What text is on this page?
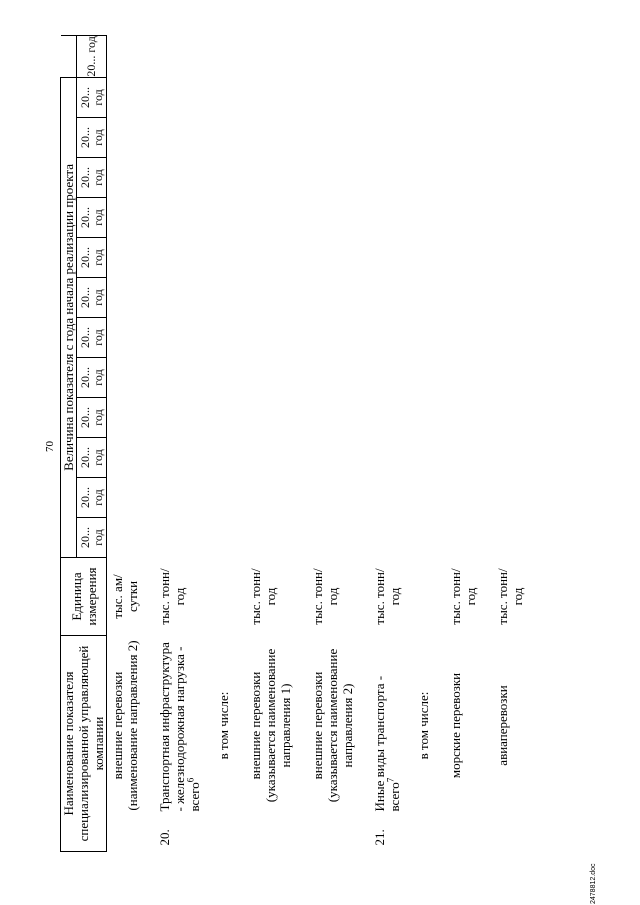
70
Наименование показателя специализированной управляющей компании		Единица измерения	Величина показателя с года начала реализации проекта												
			20... год	20... год	20... год	20... год	20... год	20... год	20... год	20... год	20... год	20... год	20... год	20... год	20... год
	внешние перевозки (наименование направления 2)	тыс. ам/ сутки													
20.	Транспортная инфраструктура - железнодорожная нагрузка - всего$^6$	тыс. тонн/ год													
	в том числе:														
	внешние перевозки (указывается наименование направления 1)	тыс. тонн/ год													
	внешние перевозки (указывается наименование направления 2)	тыс. тонн/ год													
21.	Иные виды транспорта - всего$^7$	тыс. тонн/ год													
	в том числе:														
	морские перевозки	тыс. тонн/ год													
	авиаперевозки	тыс. тонн/ год													
2478812.doc
